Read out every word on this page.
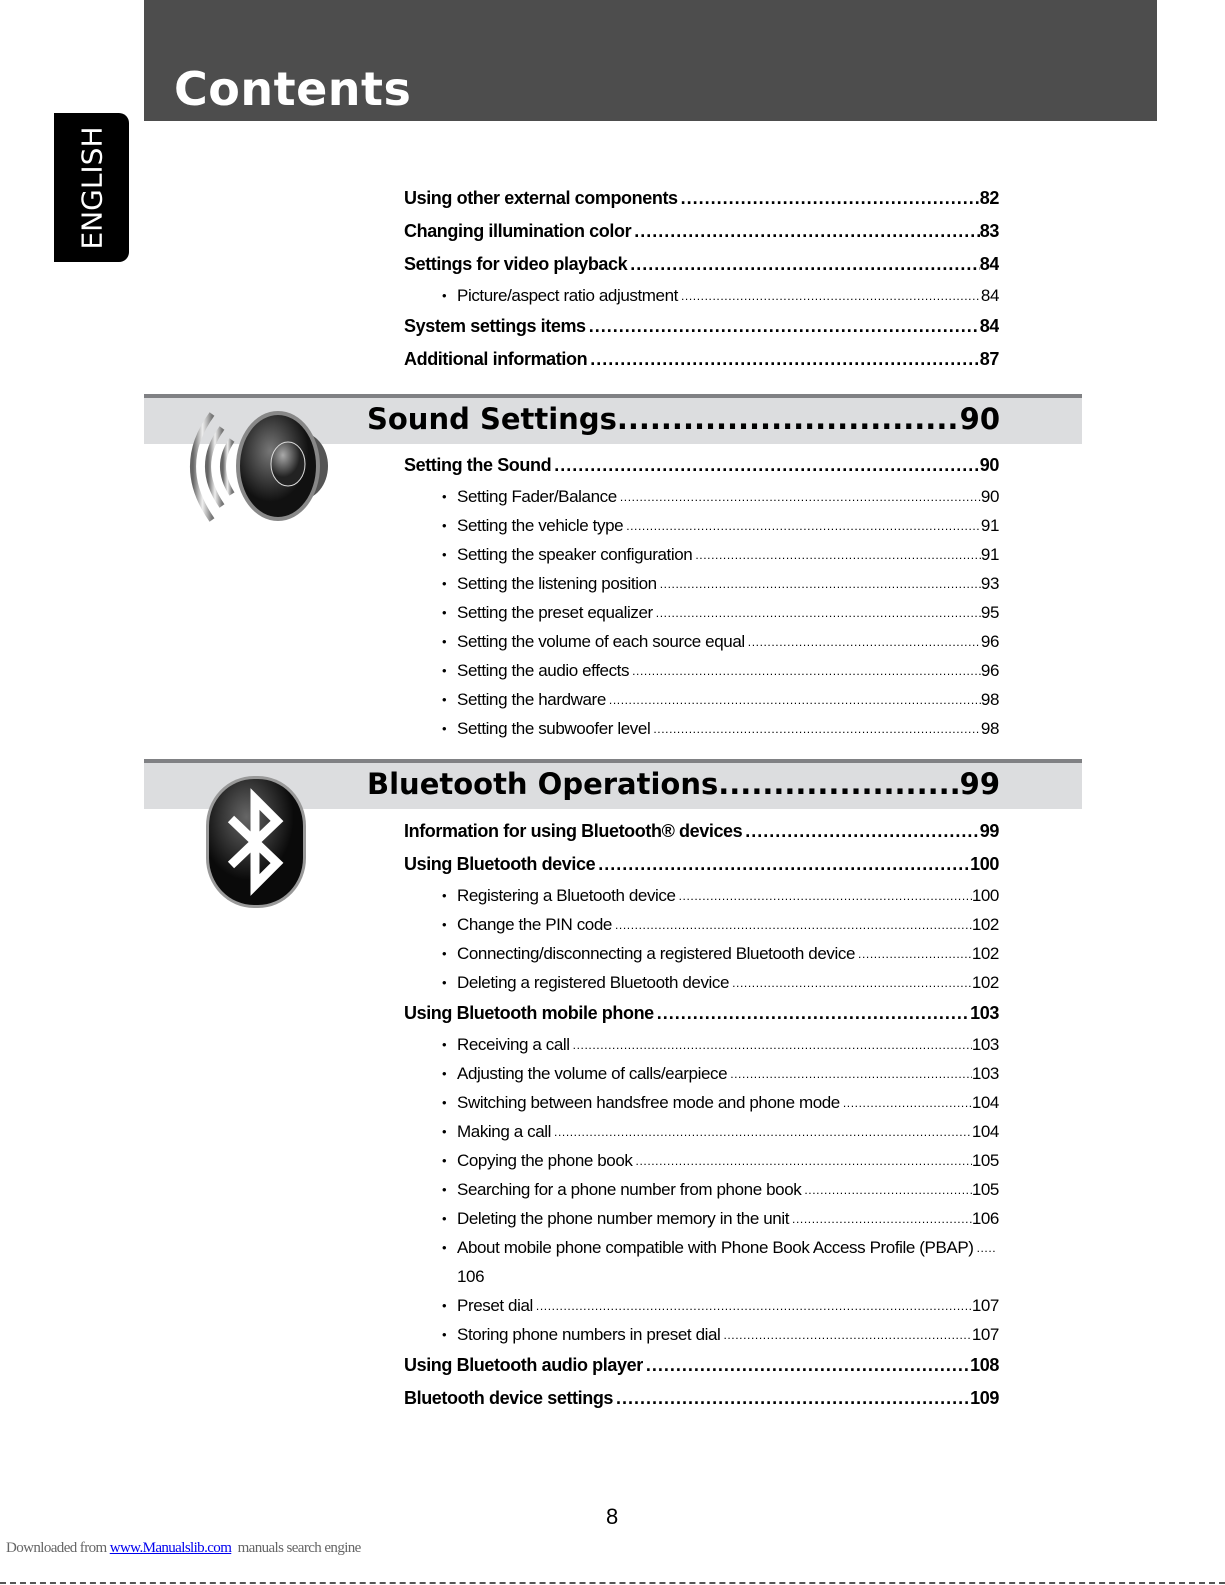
Contents
ENGLISH	Using other external components .....	82
Changing illumination color .....	83
Settings for video playback .....	84
• Picture/aspect ratio adjustment .....	84
System settings items .....	84
Additional information .....	87
Sound Settings .....	90
Setting the Sound .....	90
• Setting Fader/Balance .....	90
• Setting the vehicle type .....	91
• Setting the speaker configuration .....	91
• Setting the listening position .....	93
• Setting the preset equalizer .....	95
• Setting the volume of each source equal .....	96
• Setting the audio effects .....	96
• Setting the hardware .....	98
• Setting the subwoofer level .....	98
Bluetooth Operations .....	99
Information for using Bluetooth® devices .....	99
Using Bluetooth device .....	100
• Registering a Bluetooth device .....	100
• Change the PIN code .....	102
• Connecting/disconnecting a registered Bluetooth device .....	102
• Deleting a registered Bluetooth device .....	102
Using Bluetooth mobile phone .....	103
• Receiving a call .....	103
• Adjusting the volume of calls/earpiece .....	103
• Switching between handsfree mode and phone mode .....	104
• Making a call .....	104
• Copying the phone book .....	105
• Searching for a phone number from phone book .....	105
• Deleting the phone number memory in the unit .....	106
• About mobile phone compatible with Phone Book Access Profile (PBAP) .....
106
• Preset dial .....	107
• Storing phone numbers in preset dial .....	107
Using Bluetooth audio player .....	108
Bluetooth device settings .....	109
8
Downloaded from www.Manualslib.com  manuals search engine
